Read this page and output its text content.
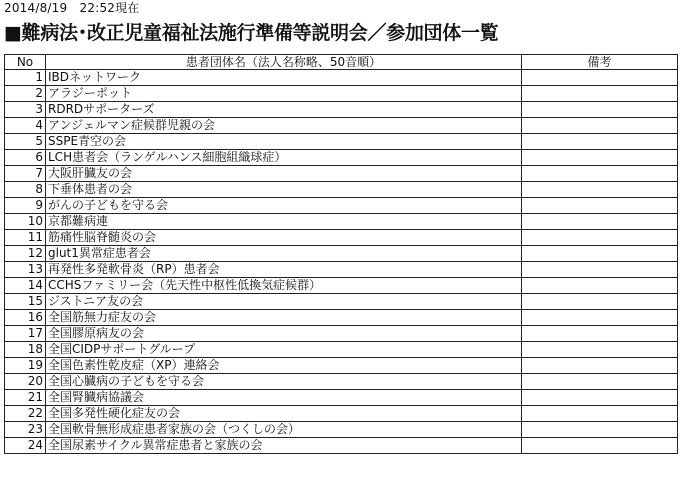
2014/8/19　22:52現在
■難病法･改正児童福祉法施行準備等説明会／参加団体一覧
No	患者団体名（法人名称略、50音順）	備考
1	IBDネットワーク	
2	アラジーポット	
3	RDRDサポーターズ	
4	アンジェルマン症候群児親の会	
5	SSPE青空の会	
6	LCH患者会（ランゲルハンス細胞組織球症）	
7	大阪肝臓友の会	
8	下垂体患者の会	
9	がんの子どもを守る会	
10	京都難病連	
11	筋痛性脳脊髄炎の会	
12	glut1異常症患者会	
13	再発性多発軟骨炎（RP）患者会	
14	CCHSファミリー会（先天性中枢性低換気症候群）	
15	ジストニア友の会	
16	全国筋無力症友の会	
17	全国膠原病友の会	
18	全国CIDPサポートグループ	
19	全国色素性乾皮症（XP）連絡会	
20	全国心臓病の子どもを守る会	
21	全国腎臓病協議会	
22	全国多発性硬化症友の会	
23	全国軟骨無形成症患者家族の会（つくしの会）	
24	全国尿素サイクル異常症患者と家族の会	
